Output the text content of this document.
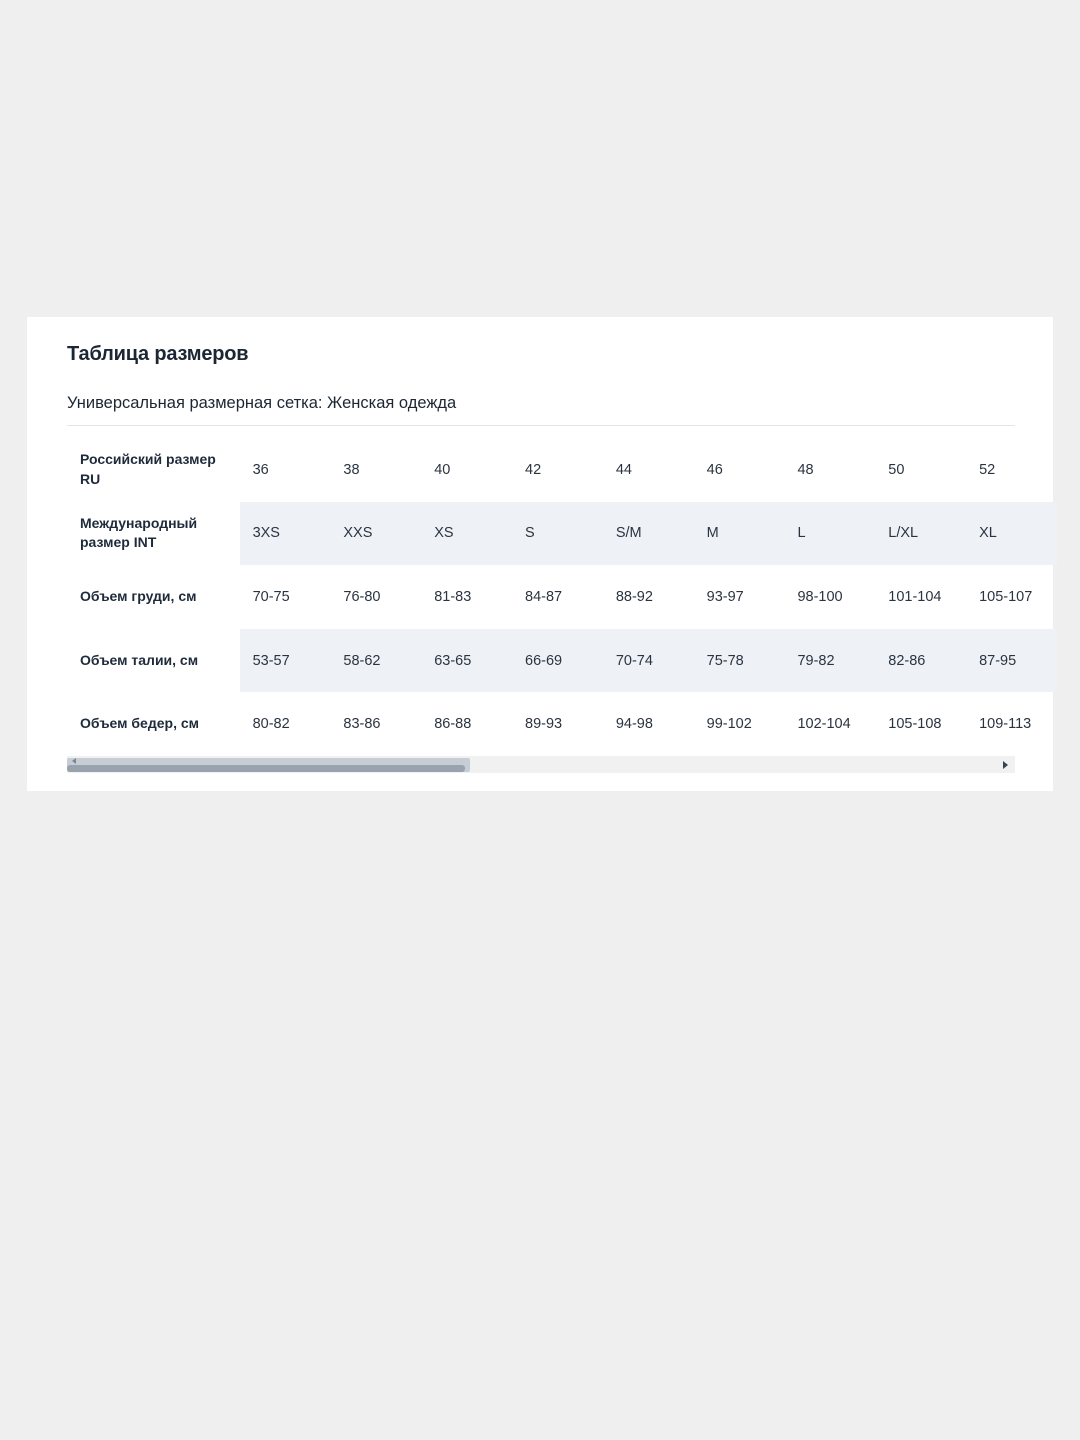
Таблица размеров
Универсальная размерная сетка: Женская одежда
Российский размер RU	36	38	40	42	44	46	48	50	52
Международный размер INT	3XS	XXS	XS	S	S/M	M	L	L/XL	XL
Объем груди, см	70-75	76-80	81-83	84-87	88-92	93-97	98-100	101-104	105-107
Объем талии, см	53-57	58-62	63-65	66-69	70-74	75-78	79-82	82-86	87-95
Объем бедер, см	80-82	83-86	86-88	89-93	94-98	99-102	102-104	105-108	109-113
